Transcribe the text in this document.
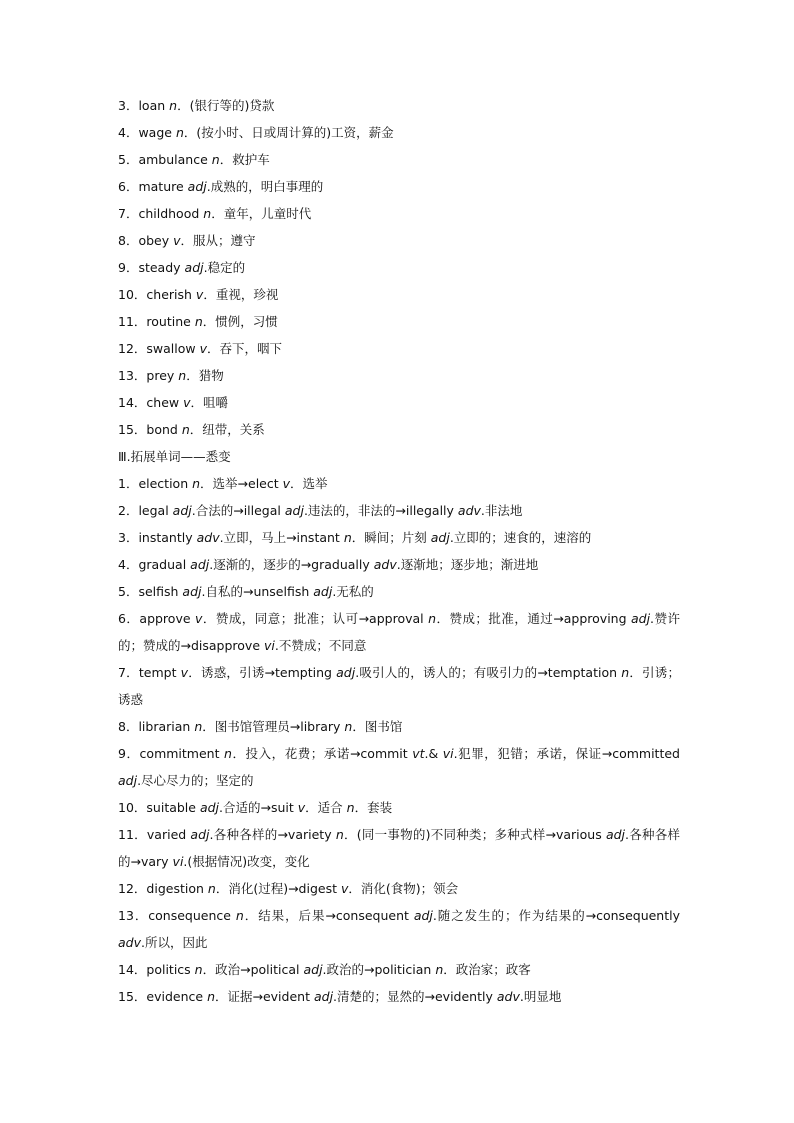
3．loan n．(银行等的)贷款
4．wage n．(按小时、日或周计算的)工资，薪金
5．ambulance n．救护车
6．mature adj.成熟的，明白事理的
7．childhood n．童年，儿童时代
8．obey v．服从；遵守
9．steady adj.稳定的
10．cherish v．重视，珍视
11．routine n．惯例，习惯
12．swallow v．吞下，咽下
13．prey n．猎物
14．chew v．咀嚼
15．bond n．纽带，关系
Ⅲ.拓展单词——悉变
1．election n．选举→elect v．选举
2．legal adj.合法的→illegal adj.违法的，非法的→illegally adv.非法地
3．instantly adv.立即，马上→instant n．瞬间；片刻 adj.立即的；速食的，速溶的
4．gradual adj.逐渐的，逐步的→gradually adv.逐渐地；逐步地；渐进地
5．selfish adj.自私的→unselfish adj.无私的
6．approve v．赞成，同意；批准；认可→approval n．赞成；批准，通过→approving adj.赞许的；赞成的→disapprove vi.不赞成；不同意
7．tempt v．诱惑，引诱→tempting adj.吸引人的，诱人的；有吸引力的→temptation n．引诱；诱惑
8．librarian n．图书馆管理员→library n．图书馆
9．commitment n．投入，花费；承诺→commit vt.& vi.犯罪，犯错；承诺，保证→committed adj.尽心尽力的；坚定的
10．suitable adj.合适的→suit v．适合 n．套装
11．varied adj.各种各样的→variety n．(同一事物的)不同种类；多种式样→various adj.各种各样的→vary vi.(根据情况)改变，变化
12．digestion n．消化(过程)→digest v．消化(食物)；领会
13．consequence n．结果，后果→consequent adj.随之发生的；作为结果的→consequently adv.所以，因此
14．politics n．政治→political adj.政治的→politician n．政治家；政客
15．evidence n．证据→evident adj.清楚的；显然的→evidently adv.明显地
